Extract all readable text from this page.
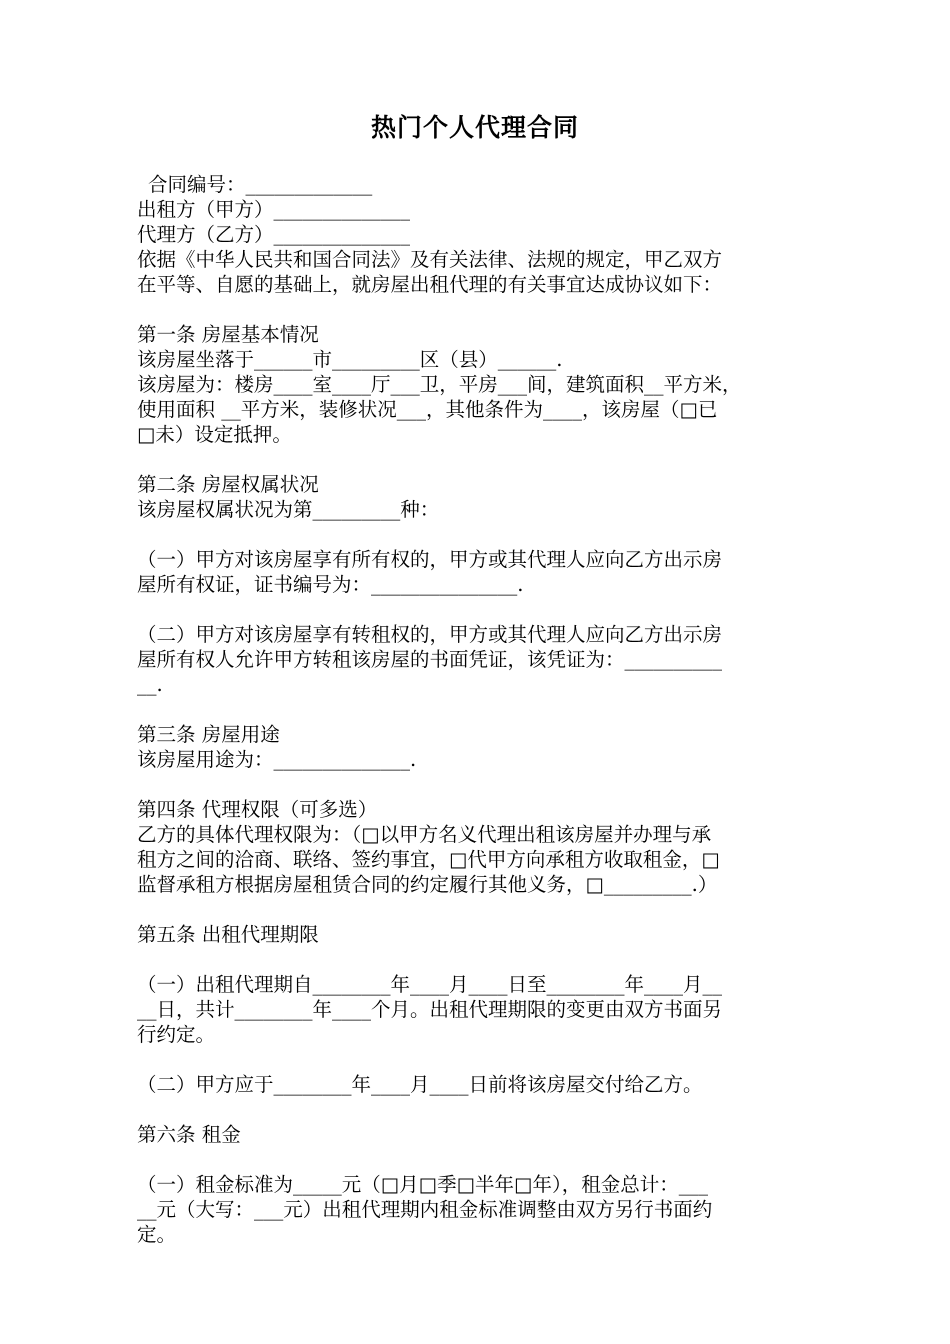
热门个人代理合同
合同编号：_____________
出租方（甲方）______________
代理方（乙方）______________
依据《中华人民共和国合同法》及有关法律、法规的规定，甲乙双方
在平等、自愿的基础上，就房屋出租代理的有关事宜达成协议如下：
第一条 房屋基本情况
该房屋坐落于______市_________区（县）______.
该房屋为：楼房____室____厅___卫，平房___间，建筑面积__平方米，
使用面积 __平方米，装修状况___，其他条件为____，该房屋（□已
□未）设定抵押。
第二条 房屋权属状况
该房屋权属状况为第_________种：
（一）甲方对该房屋享有所有权的，甲方或其代理人应向乙方出示房
屋所有权证，证书编号为：_______________.
（二）甲方对该房屋享有转租权的，甲方或其代理人应向乙方出示房
屋所有权人允许甲方转租该房屋的书面凭证，该凭证为：__________
__.
第三条 房屋用途
该房屋用途为：______________.
第四条 代理权限（可多选）
乙方的具体代理权限为：（□以甲方名义代理出租该房屋并办理与承
租方之间的洽商、联络、签约事宜，□代甲方向承租方收取租金，□
监督承租方根据房屋租赁合同的约定履行其他义务，□_________.）
第五条 出租代理期限
（一）出租代理期自________年____月____日至________年____月__
__日，共计________年____个月。出租代理期限的变更由双方书面另
行约定。
（二）甲方应于________年____月____日前将该房屋交付给乙方。
第六条 租金
（一）租金标准为_____元（□月□季□半年□年），租金总计：___
__元（大写：___元）出租代理期内租金标准调整由双方另行书面约
定。
